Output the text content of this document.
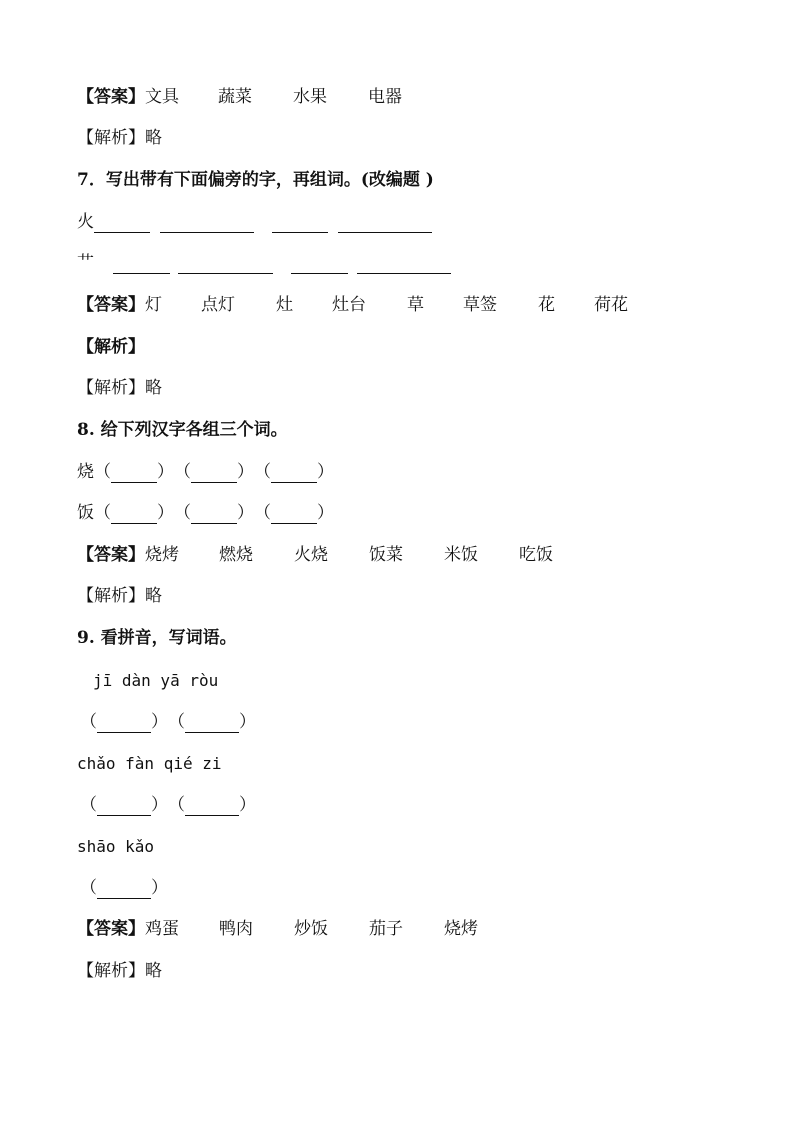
【答案】 文具	蔬菜	水果	电器
【解析】 略
7．写出带有下面偏旁的字，再组词。(改编题 )
火
艹
【答案】 灯	点灯	灶	灶台	草	草签	花	荷花
【解析】
【解析】 略
8. 给下列汉字各组三个词。
烧 （	） （	） （	）
饭 （	） （	） （	）
【答案】 烧烤	燃烧	火烧	饭菜	米饭	吃饭
【解析】 略
9. 看拼音，写词语。
jī dàn yā ròu
（	） （	）
chǎo fàn qié zi
（	） （	）
shāo kǎo
（	）
【答案】 鸡蛋	鸭肉	炒饭	茄子	烧烤
【解析】 略
